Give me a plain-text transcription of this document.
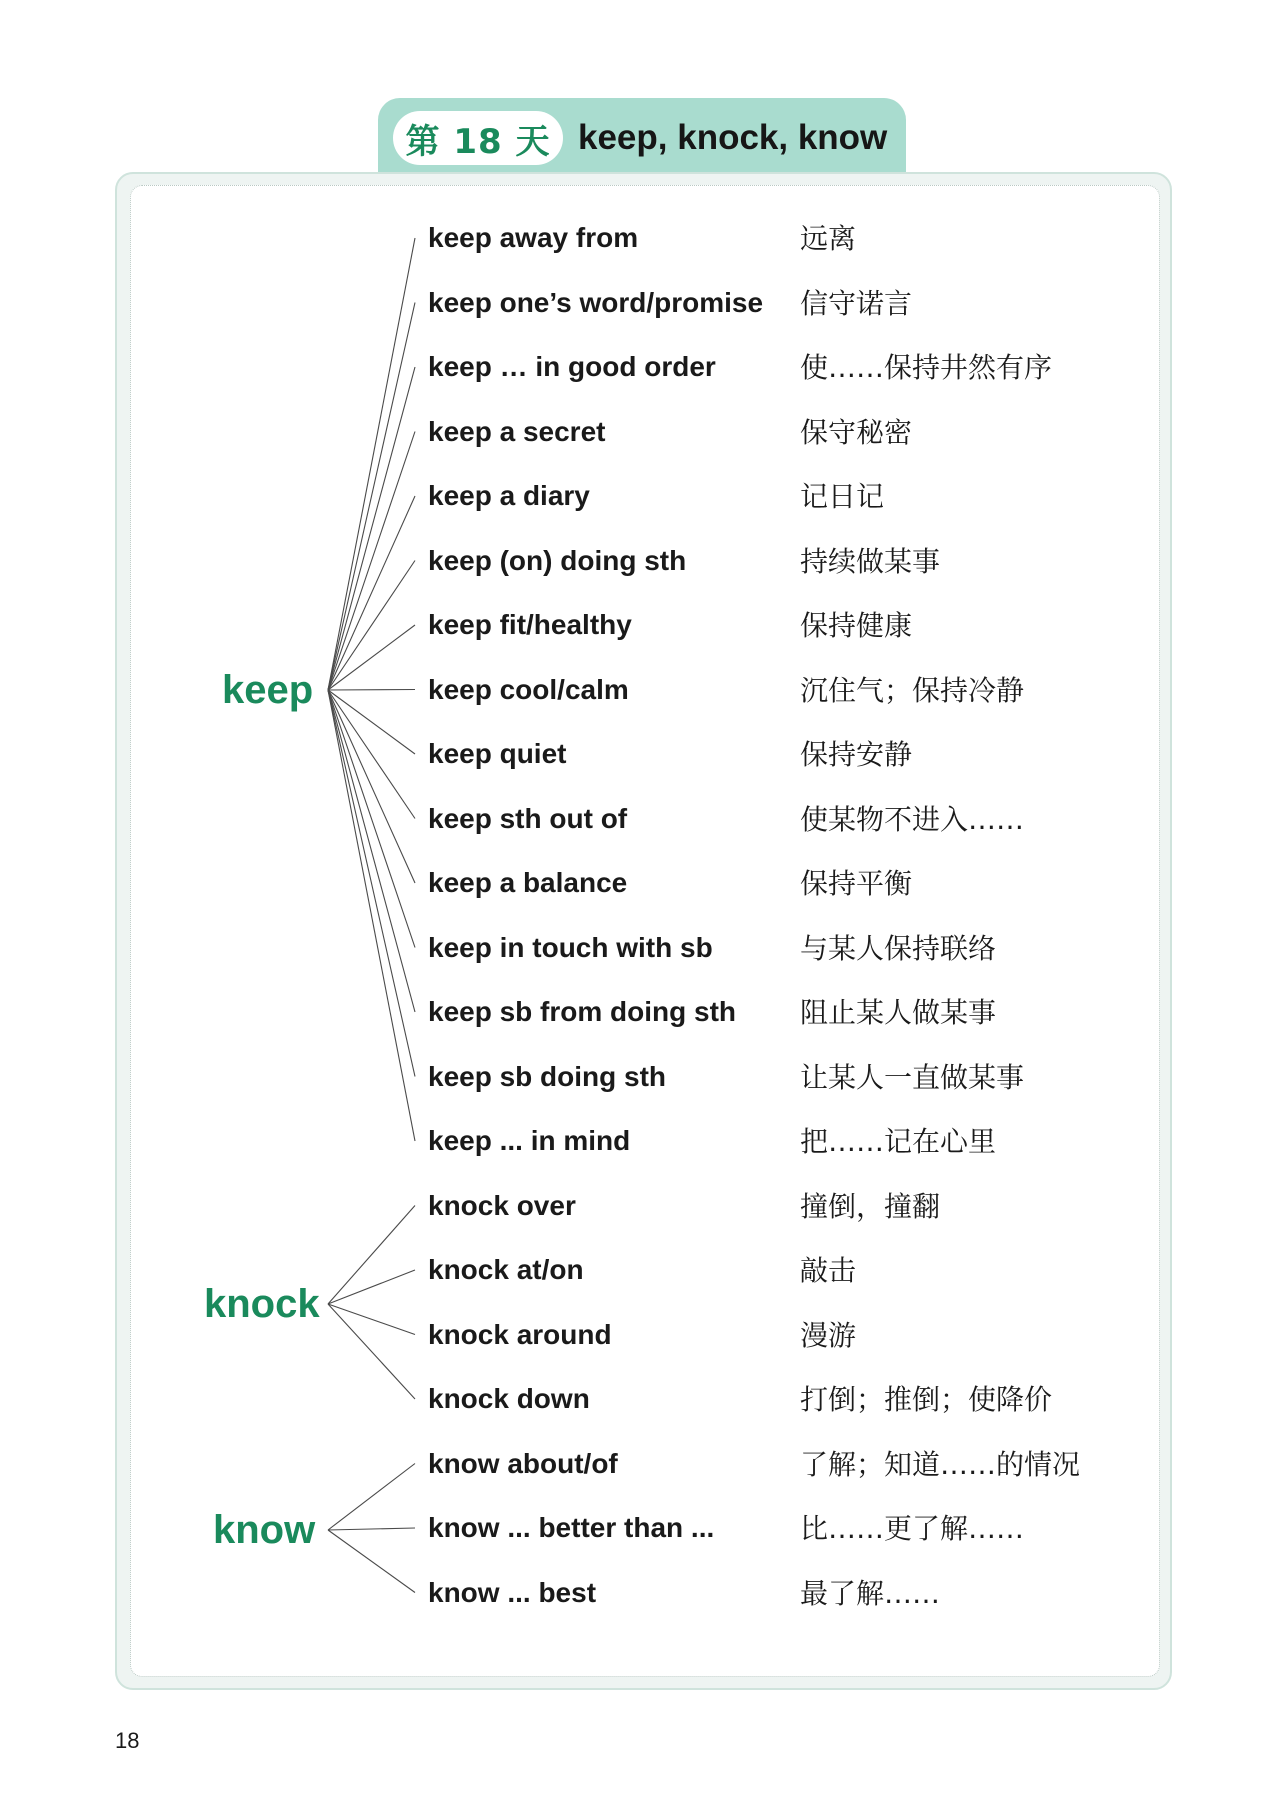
第 18 天 keep, knock, know
keep
keep away from	远离
keep one’s word/promise 信守诺言
keep … in good order	使……保持井然有序
keep a secret	保守秘密
keep a diary	记日记
keep (on) doing sth	持续做某事
keep fit/healthy	保持健康
keep cool/calm	沉住气；保持冷静
keep quiet	保持安静
keep sth out of	使某物不进入……
keep a balance	保持平衡
keep in touch with sb	与某人保持联络
keep sb from doing sth 阻止某人做某事
keep sb doing sth	让某人一直做某事
keep ... in mind	把……记在心里
knock
knock over	撞倒，撞翻
knock at/on	敲击
knock around	漫游
knock down	打倒；推倒；使降价
know
know about/of	了解；知道……的情况
know ... better than ...	比……更了解……
know ... best	最了解……
18
